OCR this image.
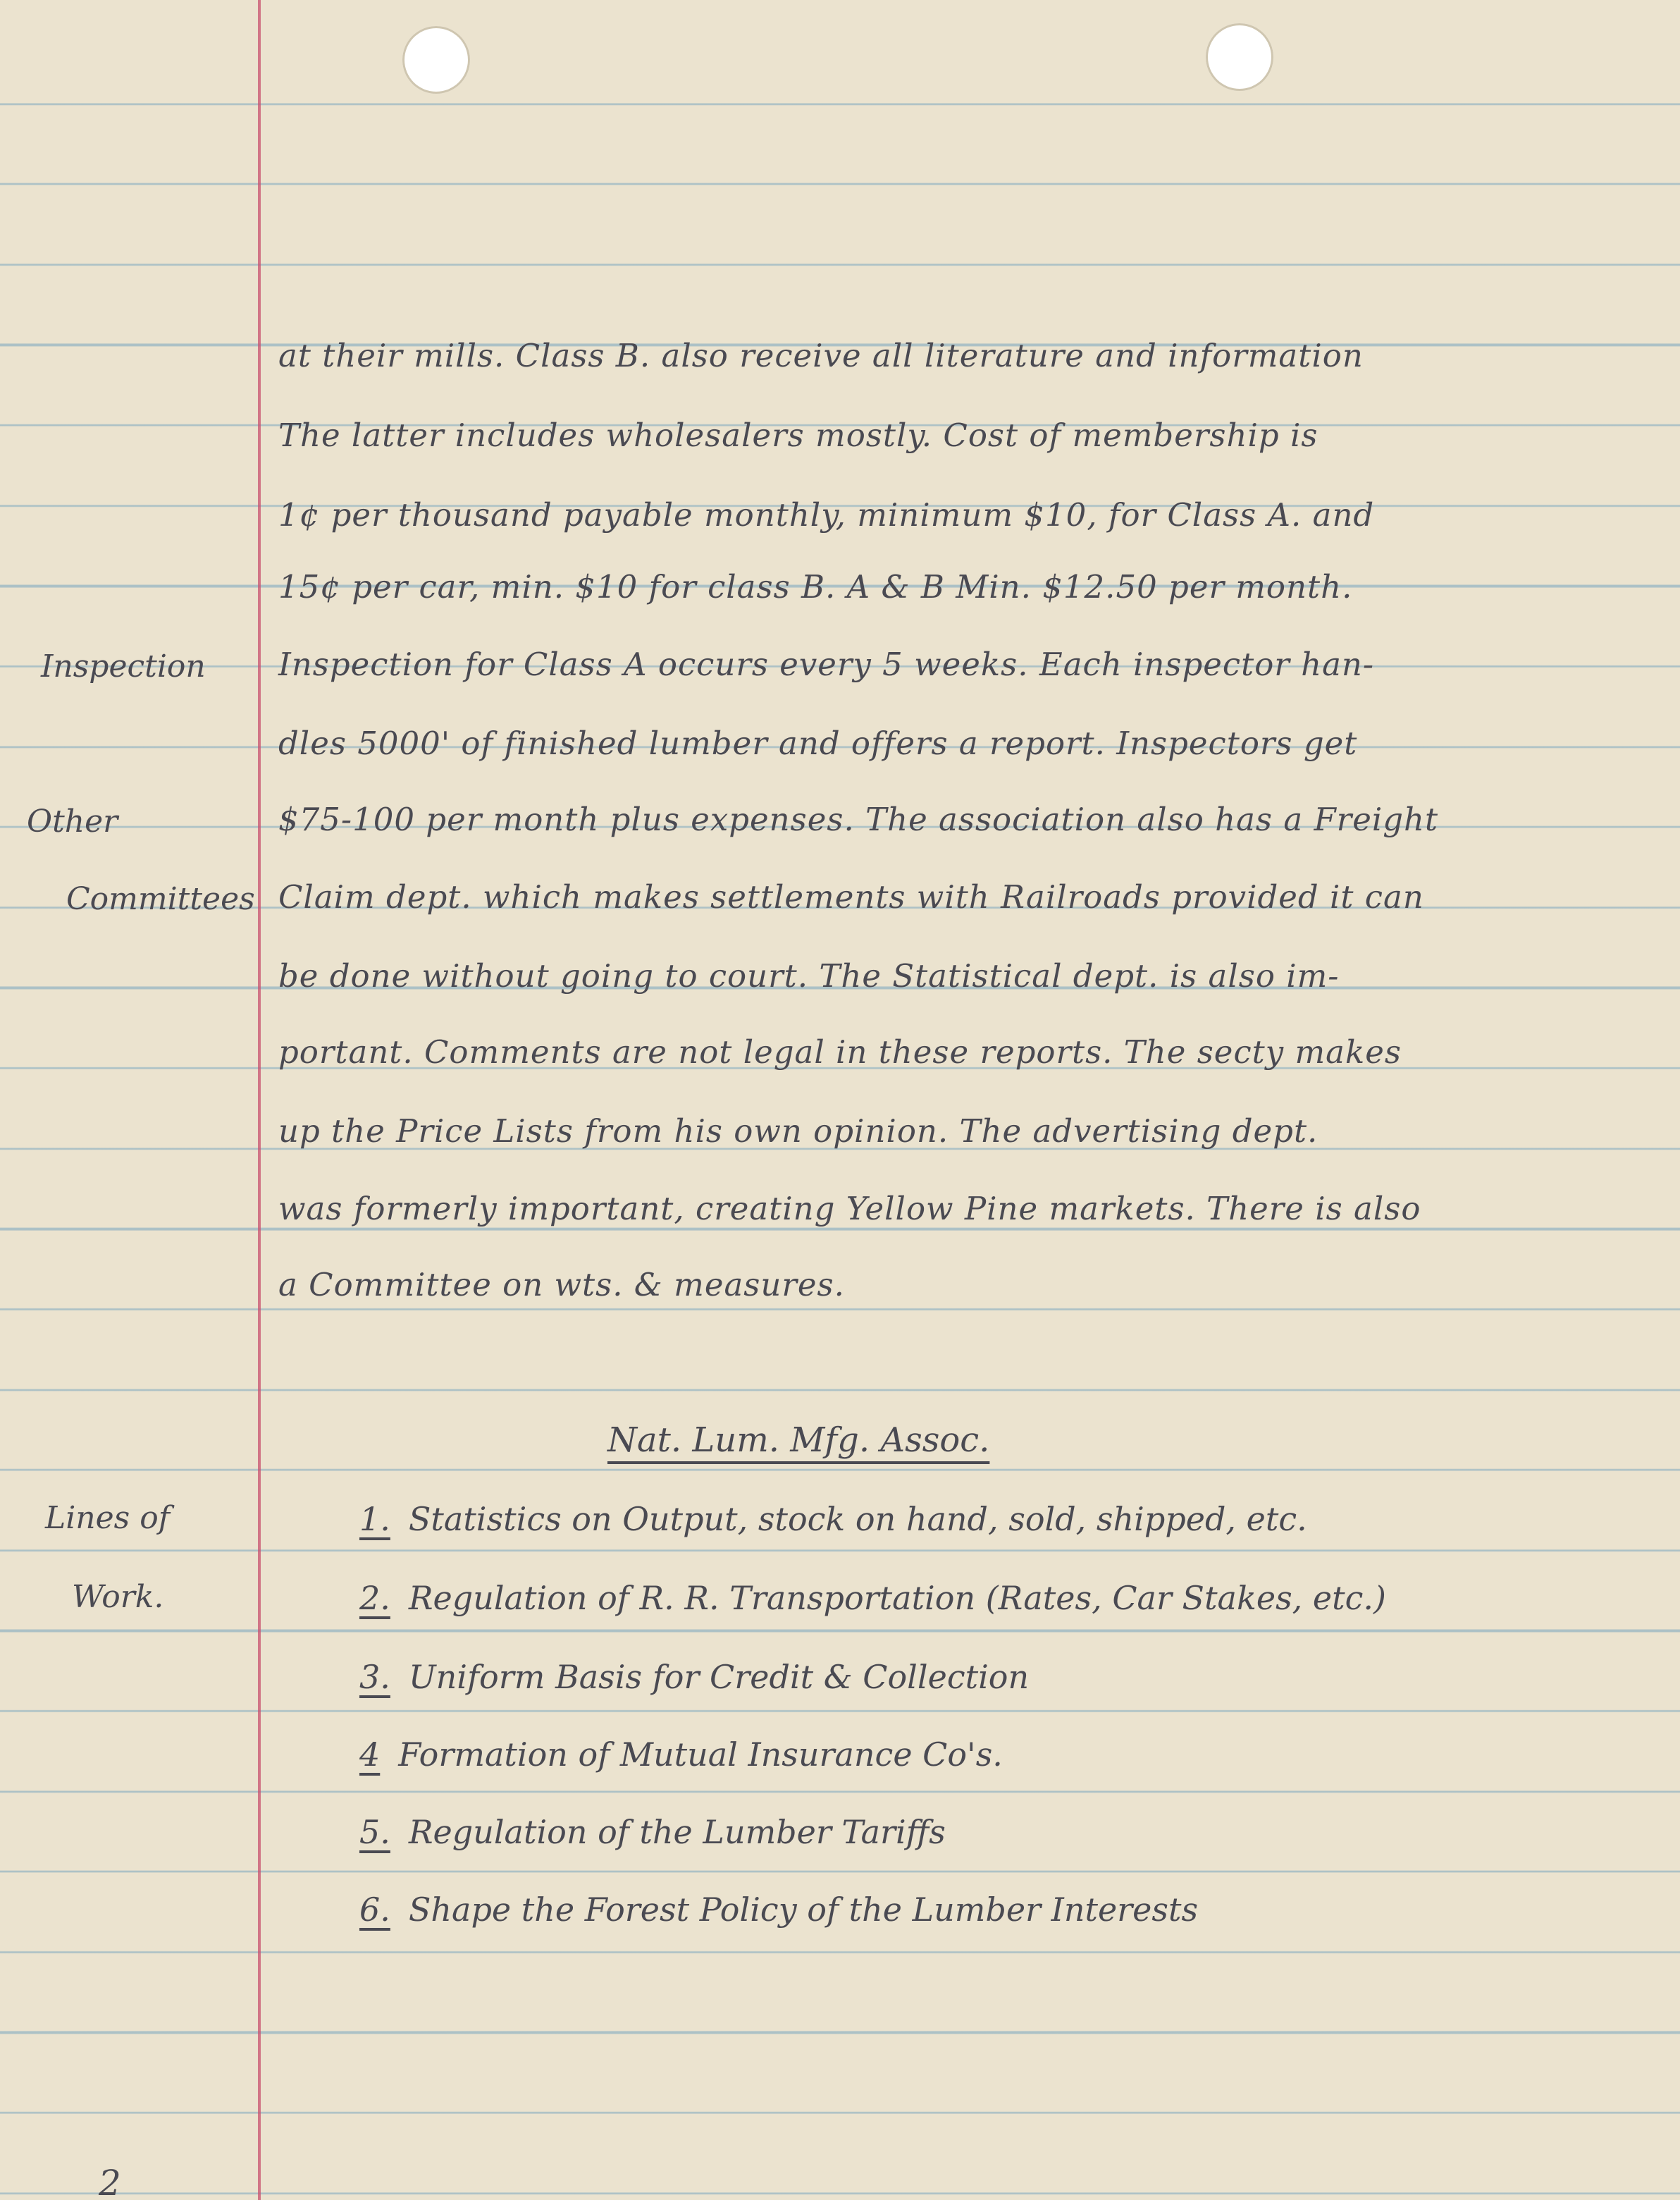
Inspection
Other
Committees
Lines of
Work.
at their mills. Class B. also receive all literature and information
The latter includes wholesalers mostly. Cost of membership is
1¢ per thousand payable monthly, minimum $10, for Class A. and
15¢ per car, min. $10 for class B. A & B Min. $12.50 per month.
Inspection for Class A occurs every 5 weeks. Each inspector han-
dles 5000' of finished lumber and offers a report. Inspectors get
$75-100 per month plus expenses. The association also has a Freight
Claim dept. which makes settlements with Railroads provided it can
be done without going to court. The Statistical dept. is also im-
portant. Comments are not legal in these reports. The secty makes
up the Price Lists from his own opinion. The advertising dept.
was formerly important, creating Yellow Pine markets. There is also
a Committee on wts. & measures.
Nat. Lum. Mfg. Assoc.
1. Statistics on Output, stock on hand, sold, shipped, etc.
2. Regulation of R. R. Transportation (Rates, Car Stakes, etc.)
3. Uniform Basis for Credit & Collection
4 Formation of Mutual Insurance Co's.
5. Regulation of the Lumber Tariffs
6. Shape the Forest Policy of the Lumber Interests
2
